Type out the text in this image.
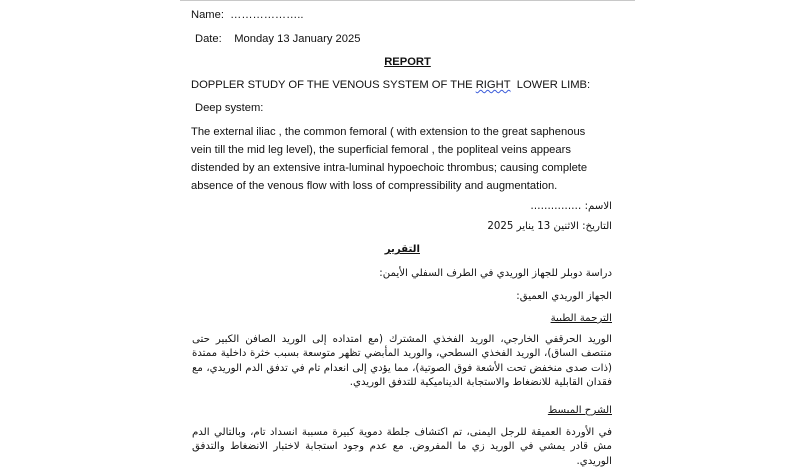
Name: ………………..
Date: Monday 13 January 2025
REPORT
DOPPLER STUDY OF THE VENOUS SYSTEM OF THE RIGHT LOWER LIMB:
Deep system:
The external iliac , the common femoral ( with extension to the great saphenous
vein till the mid leg level), the superficial femoral , the popliteal veins appears
distended by an extensive intra-luminal hypoechoic thrombus; causing complete
absence of the venous flow with loss of compressibility and augmentation.
الاسم: ……………
التاريخ: الاثنين 13 يناير 2025
التقرير
دراسة دوبلر للجهاز الوريدي في الطرف السفلي الأيمن:
الجهاز الوريدي العميق:
الترجمة الطبية
الوريد الحرقفي الخارجي، الوريد الفخذي المشترك (مع امتداده إلى الوريد الصافن الكبير حتى منتصف الساق)، الوريد الفخذي السطحي، والوريد المأبضي تظهر متوسعة بسبب خثرة داخلية ممتدة (ذات صدى منخفض تحت الأشعة فوق الصوتية)، مما يؤدي إلى انعدام تام في تدفق الدم الوريدي، مع فقدان القابلية للانضغاط والاستجابة الديناميكية للتدفق الوريدي.
الشرح المبسط
في الأوردة العميقة للرجل اليمنى، تم اكتشاف جلطة دموية كبيرة مسببة انسداد تام، وبالتالي الدم مش قادر يمشي في الوريد زي ما المفروض. مع عدم وجود استجابة لاختبار الانضغاط والتدفق الوريدي.
